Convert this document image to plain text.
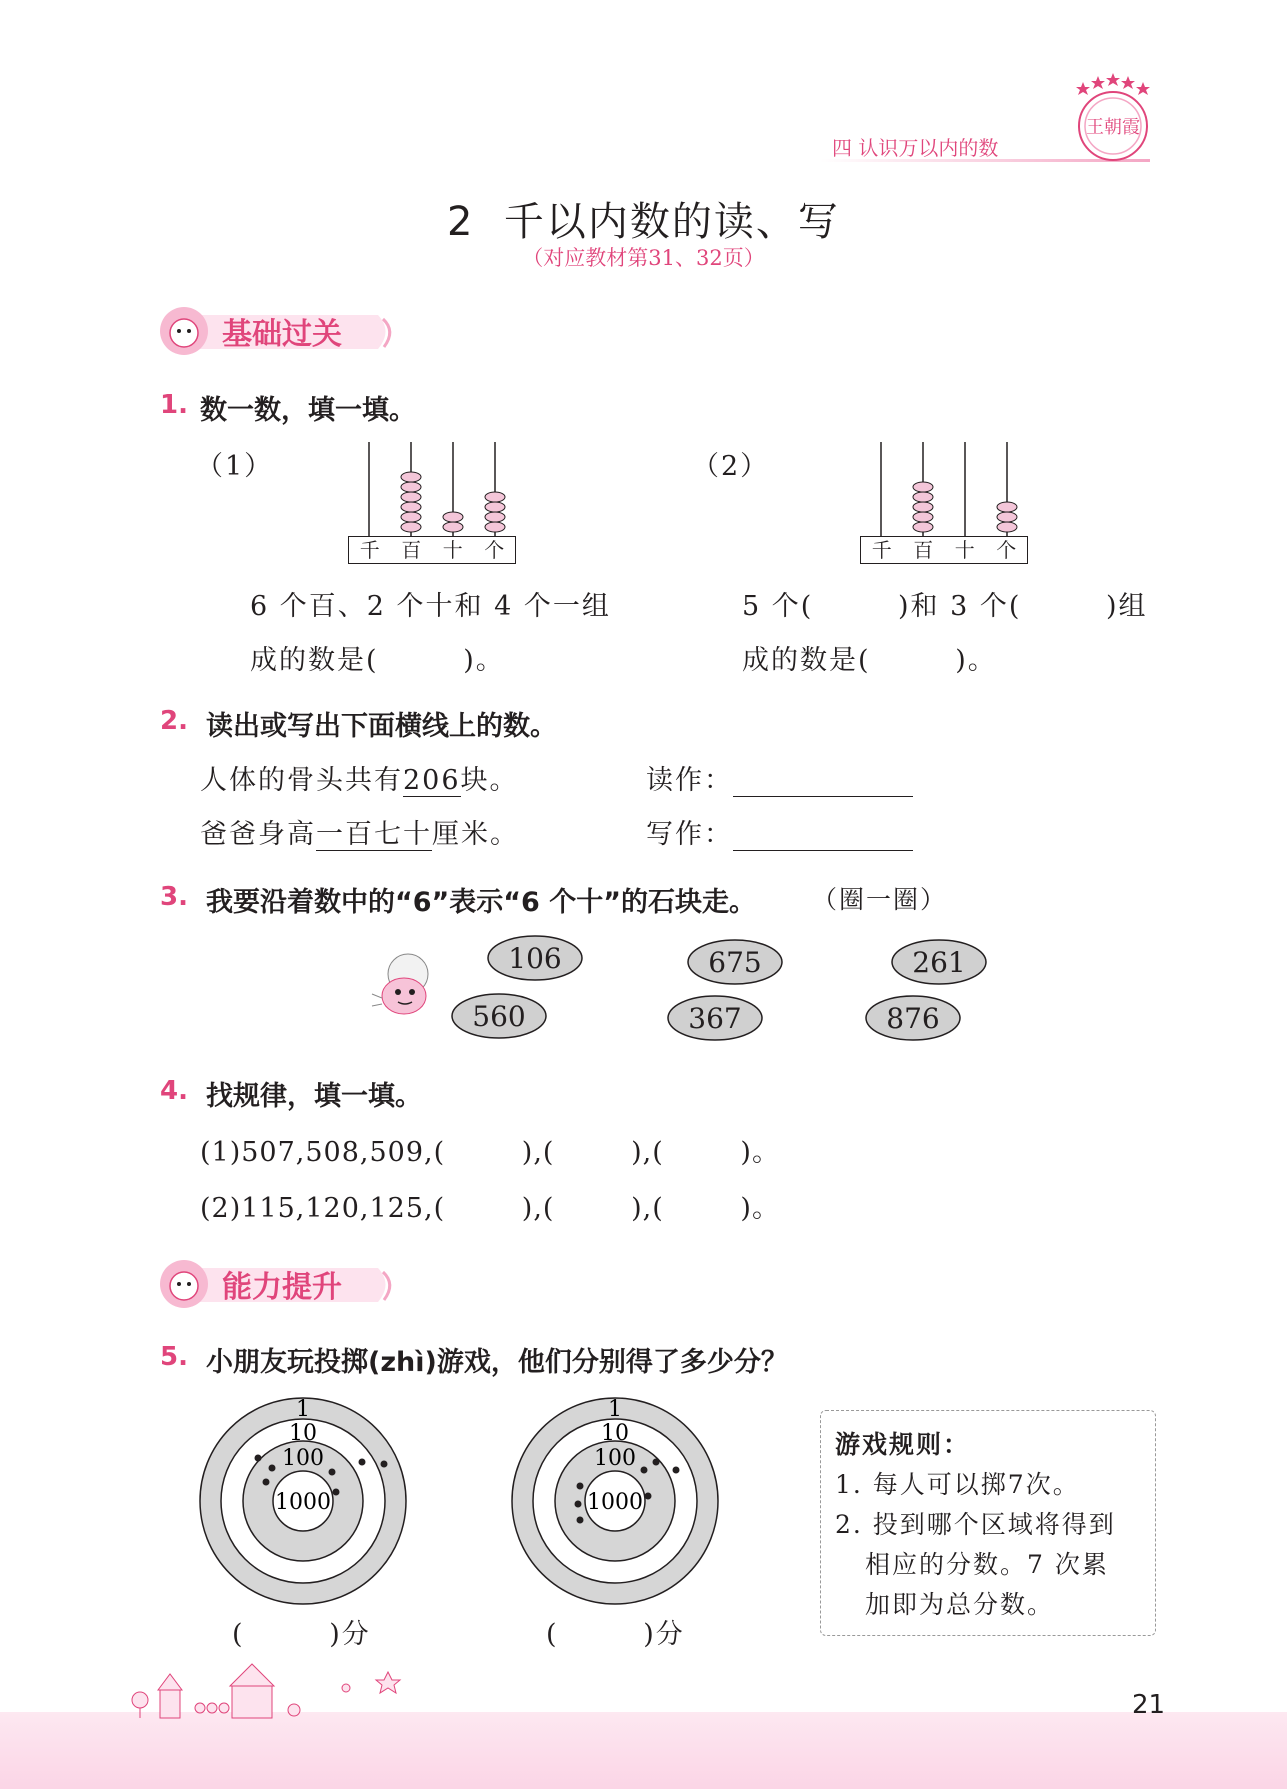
四 认识万以内的数
王朝霞
2  千以内数的读、写
（对应教材第31、32页）
基础过关
1. 数一数，填一填。
（1）
千	百	十	个
6 个百、2 个十和 4 个一组
成的数是(        )。
（2）
千	百	十	个
5 个(        )和 3 个(        )组
成的数是(        )。
2. 读出或写出下面横线上的数。
人体的骨头共有206块。	读作：
爸爸身高一百七十厘米。	写作：
3. 我要沿着数中的“6”表示“6 个十”的石块走。 （圈一圈）
106	675	261
560	367	876
4. 找规律，填一填。
(1)507,508,509,(        ),(        ),(        )。
(2)115,120,125,(        ),(        ),(        )。
能力提升
5. 小朋友玩投掷(zhì)游戏，他们分别得了多少分？
1
10
100
1000
(        )分
1
10
100
1000
(        )分
游戏规则：
1. 每人可以掷7次。
2. 投到哪个区域将得到
相应的分数。7 次累
加即为总分数。
21
